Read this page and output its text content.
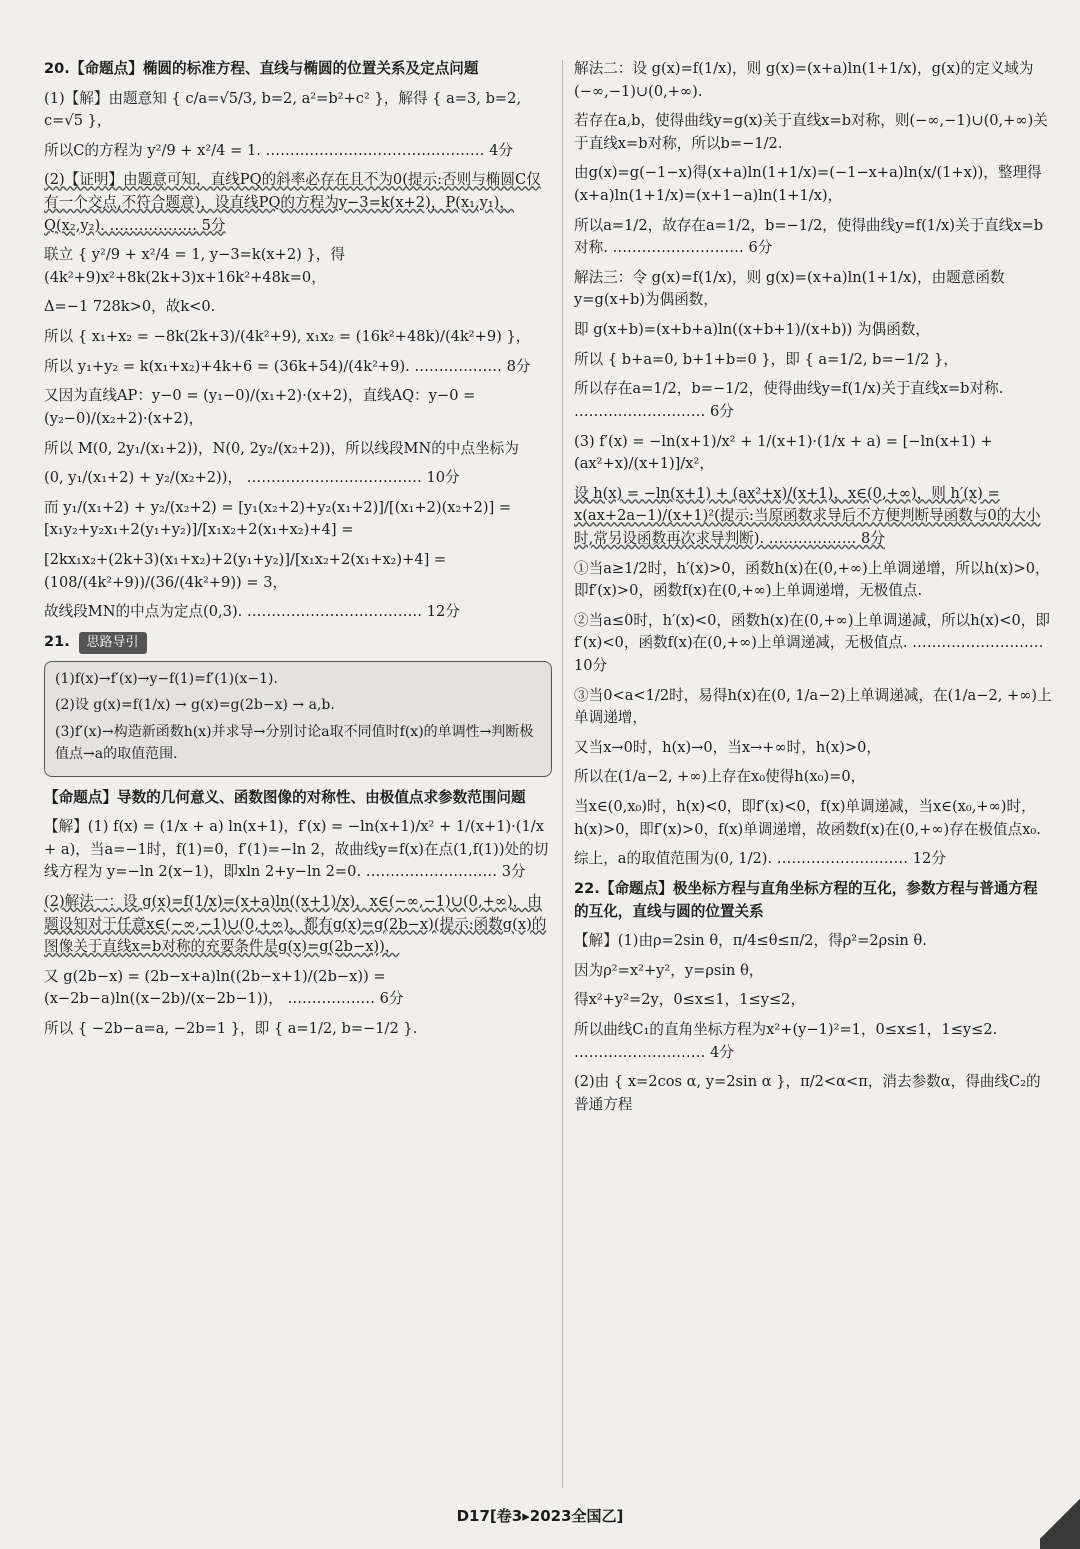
20.【命题点】椭圆的标准方程、直线与椭圆的位置关系及定点问题

(1)【解】由题意知 { c/a=√5/3, b=2, a²=b²+c² }，解得 { a=3, b=2, c=√5 }，

所以C的方程为 y²/9 + x²/4 = 1. ……………………………………… 4分

(2)【证明】由题意可知，直线PQ的斜率必存在且不为0(提示:否则与椭圆C仅有一个交点,不符合题意)，设直线PQ的方程为y−3=k(x+2)，P(x₁,y₁)，Q(x₂,y₂). ……………… 5分

联立 { y²/9 + x²/4 = 1, y−3=k(x+2) }，得(4k²+9)x²+8k(2k+3)x+16k²+48k=0，

Δ=−1 728k>0，故k<0.

所以 { x₁+x₂ = −8k(2k+3)/(4k²+9), x₁x₂ = (16k²+48k)/(4k²+9) }，

所以 y₁+y₂ = k(x₁+x₂)+4k+6 = (36k+54)/(4k²+9). ……………… 8分

又因为直线AP：y−0 = (y₁−0)/(x₁+2)·(x+2)，直线AQ：y−0 = (y₂−0)/(x₂+2)·(x+2)，

所以 M(0, 2y₁/(x₁+2))，N(0, 2y₂/(x₂+2))，所以线段MN的中点坐标为

(0, y₁/(x₁+2) + y₂/(x₂+2))， ……………………………… 10分

而 y₁/(x₁+2) + y₂/(x₂+2) = [y₁(x₂+2)+y₂(x₁+2)]/[(x₁+2)(x₂+2)] = [x₁y₂+y₂x₁+2(y₁+y₂)]/[x₁x₂+2(x₁+x₂)+4] =

[2kx₁x₂+(2k+3)(x₁+x₂)+2(y₁+y₂)]/[x₁x₂+2(x₁+x₂)+4] = (108/(4k²+9))/(36/(4k²+9)) = 3，

故线段MN的中点为定点(0,3). ……………………………… 12分

21. 思路导引

(1)f(x)→f′(x)→y−f(1)=f′(1)(x−1).

(2)设 g(x)=f(1/x) → g(x)=g(2b−x) → a,b.

(3)f′(x)→构造新函数h(x)并求导→分别讨论a取不同值时f(x)的单调性→判断极值点→a的取值范围.

【命题点】导数的几何意义、函数图像的对称性、由极值点求参数范围问题

【解】(1) f(x) = (1/x + a) ln(x+1)，f′(x) = −ln(x+1)/x² + 1/(x+1)·(1/x + a)，当a=−1时，f(1)=0，f′(1)=−ln 2，故曲线y=f(x)在点(1,f(1))处的切线方程为 y=−ln 2(x−1)，即xln 2+y−ln 2=0. ……………………… 3分

(2)解法一：设 g(x)=f(1/x)=(x+a)ln((x+1)/x)，x∈(−∞,−1)∪(0,+∞)，由题设知对于任意x∈(−∞,−1)∪(0,+∞)，都有g(x)=g(2b−x)(提示:函数g(x)的图像关于直线x=b对称的充要条件是g(x)=g(2b−x))，

又 g(2b−x) = (2b−x+a)ln((2b−x+1)/(2b−x)) = (x−2b−a)ln((x−2b)/(x−2b−1))， ……………… 6分

所以 { −2b−a=a, −2b=1 }，即 { a=1/2, b=−1/2 }.

解法二：设 g(x)=f(1/x)，则 g(x)=(x+a)ln(1+1/x)，g(x)的定义域为(−∞,−1)∪(0,+∞).

若存在a,b，使得曲线y=g(x)关于直线x=b对称，则(−∞,−1)∪(0,+∞)关于直线x=b对称，所以b=−1/2.

由g(x)=g(−1−x)得(x+a)ln(1+1/x)=(−1−x+a)ln(x/(1+x))，整理得(x+a)ln(1+1/x)=(x+1−a)ln(1+1/x)，

所以a=1/2，故存在a=1/2，b=−1/2，使得曲线y=f(1/x)关于直线x=b对称. ……………………… 6分

解法三：令 g(x)=f(1/x)，则 g(x)=(x+a)ln(1+1/x)，由题意函数y=g(x+b)为偶函数，

即 g(x+b)=(x+b+a)ln((x+b+1)/(x+b)) 为偶函数，

所以 { b+a=0, b+1+b=0 }，即 { a=1/2, b=−1/2 }，

所以存在a=1/2，b=−1/2，使得曲线y=f(1/x)关于直线x=b对称. ……………………… 6分

(3) f′(x) = −ln(x+1)/x² + 1/(x+1)·(1/x + a) = [−ln(x+1) + (ax²+x)/(x+1)]/x²，

设 h(x) = −ln(x+1) + (ax²+x)/(x+1)，x∈(0,+∞)，则 h′(x) = x(ax+2a−1)/(x+1)²(提示:当原函数求导后不方便判断导函数与0的大小时,常另设函数再次求导判断). ……………… 8分

①当a≥1/2时，h′(x)>0，函数h(x)在(0,+∞)上单调递增，所以h(x)>0，即f′(x)>0，函数f(x)在(0,+∞)上单调递增，无极值点.

②当a≤0时，h′(x)<0，函数h(x)在(0,+∞)上单调递减，所以h(x)<0，即f′(x)<0，函数f(x)在(0,+∞)上单调递减，无极值点. ……………………… 10分

③当0<a<1/2时，易得h(x)在(0, 1/a−2)上单调递减，在(1/a−2, +∞)上单调递增，

又当x→0时，h(x)→0，当x→+∞时，h(x)>0，

所以在(1/a−2, +∞)上存在x₀使得h(x₀)=0，

当x∈(0,x₀)时，h(x)<0，即f′(x)<0，f(x)单调递减，当x∈(x₀,+∞)时，h(x)>0，即f′(x)>0，f(x)单调递增，故函数f(x)在(0,+∞)存在极值点x₀.

综上，a的取值范围为(0, 1/2). ……………………… 12分

22.【命题点】极坐标方程与直角坐标方程的互化，参数方程与普通方程的互化，直线与圆的位置关系

【解】(1)由ρ=2sin θ，π/4≤θ≤π/2，得ρ²=2ρsin θ.

因为ρ²=x²+y²，y=ρsin θ，

得x²+y²=2y，0≤x≤1，1≤y≤2，

所以曲线C₁的直角坐标方程为x²+(y−1)²=1，0≤x≤1，1≤y≤2. ……………………… 4分

(2)由 { x=2cos α, y=2sin α }，π/2<α<π，消去参数α，得曲线C₂的普通方程

D17[卷3▸2023全国乙]
